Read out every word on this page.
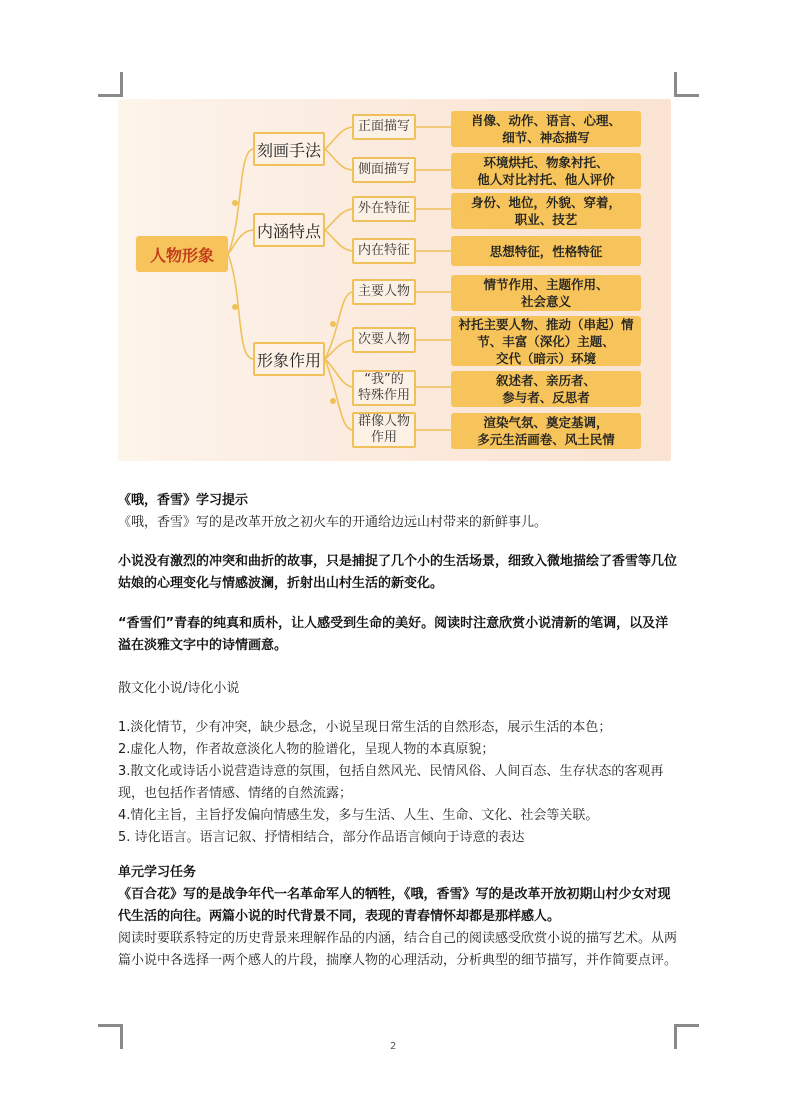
人物形象
刻画手法
内涵特点
形象作用
正面描写
侧面描写
外在特征
内在特征
主要人物
次要人物
“我”的
特殊作用
群像人物
作用
肖像、动作、语言、心理、
细节、神态描写
环境烘托、物象衬托、
他人对比衬托、他人评价
身份、地位，外貌、穿着，
职业、技艺
思想特征，性格特征
情节作用、主题作用、
社会意义
衬托主要人物、推动（串起）情
节、丰富（深化）主题、
交代（暗示）环境
叙述者、亲历者、
参与者、反思者
渲染气氛、奠定基调，
多元生活画卷、风土民情

《哦，香雪》学习提示

《哦，香雪》写的是改革开放之初火车的开通给边远山村带来的新鲜事儿。

小说没有激烈的冲突和曲折的故事，只是捕捉了几个小的生活场景，细致入微地描绘了香雪等几位姑娘的心理变化与情感波澜，折射出山村生活的新变化。

“香雪们”青春的纯真和质朴，让人感受到生命的美好。阅读时注意欣赏小说清新的笔调，以及洋溢在淡雅文字中的诗情画意。

散文化小说/诗化小说

1.淡化情节，少有冲突，缺少悬念，小说呈现日常生活的自然形态，展示生活的本色；

2.虚化人物，作者故意淡化人物的脸谱化，呈现人物的本真原貌；

3.散文化或诗话小说营造诗意的氛围，包括自然风光、民情风俗、人间百态、生存状态的客观再现，也包括作者情感、情绪的自然流露；

4.情化主旨，主旨抒发偏向情感生发，多与生活、人生、生命、文化、社会等关联。

5. 诗化语言。语言记叙、抒情相结合，部分作品语言倾向于诗意的表达

单元学习任务

《百合花》写的是战争年代一名革命军人的牺牲，《哦，香雪》写的是改革开放初期山村少女对现代生活的向往。两篇小说的时代背景不同，表现的青春情怀却都是那样感人。

阅读时要联系特定的历史背景来理解作品的内涵，结合自己的阅读感受欣赏小说的描写艺术。从两篇小说中各选择一两个感人的片段，揣摩人物的心理活动，分析典型的细节描写，并作简要点评。

2
